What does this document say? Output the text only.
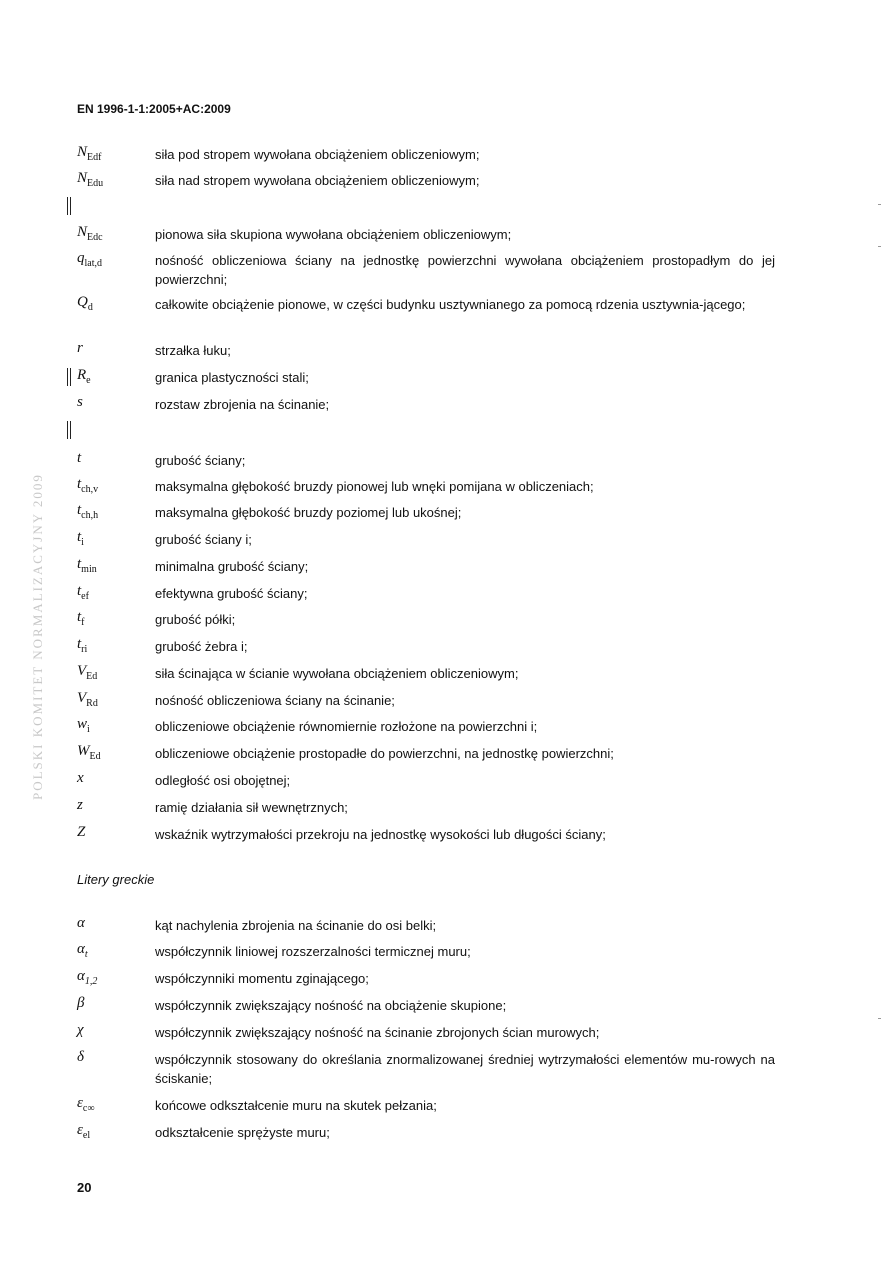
EN 1996-1-1:2005+AC:2009
POLSKI KOMITET NORMALIZACYJNY 2009
$N_{Edf}$	siła pod stropem wywołana obciążeniem obliczeniowym;
$N_{Edu}$	siła nad stropem wywołana obciążeniem obliczeniowym;
$N_{Edc}$	pionowa siła skupiona wywołana obciążeniem obliczeniowym;
$q_{lat,d}$	nośność obliczeniowa ściany na jednostkę powierzchni wywołana obciążeniem prostopadłym do jej powierzchni;
$Q_d$	całkowite obciążenie pionowe, w części budynku usztywnianego za pomocą rdzenia usztywnia-jącego;
r	strzałka łuku;
$R_e$	granica plastyczności stali;
s	rozstaw zbrojenia na ścinanie;
t	grubość ściany;
$t_{ch,v}$	maksymalna głębokość bruzdy pionowej lub wnęki pomijana w obliczeniach;
$t_{ch,h}$	maksymalna głębokość bruzdy poziomej lub ukośnej;
$t_i$	grubość ściany i;
$t_{min}$	minimalna grubość ściany;
$t_{ef}$	efektywna grubość ściany;
$t_f$	grubość półki;
$t_{ri}$	grubość żebra i;
$V_{Ed}$	siła ścinająca w ścianie wywołana obciążeniem obliczeniowym;
$V_{Rd}$	nośność obliczeniowa ściany na ścinanie;
$w_i$	obliczeniowe obciążenie równomiernie rozłożone na powierzchni i;
$W_{Ed}$	obliczeniowe obciążenie prostopadłe do powierzchni, na jednostkę powierzchni;
x	odległość osi obojętnej;
z	ramię działania sił wewnętrznych;
Z	wskaźnik wytrzymałości przekroju na jednostkę wysokości lub długości ściany;
Litery greckie
α	kąt nachylenia zbrojenia na ścinanie do osi belki;
$\alpha_t$	współczynnik liniowej rozszerzalności termicznej muru;
$\alpha_{1,2}$	współczynniki momentu zginającego;
β	współczynnik zwiększający nośność na obciążenie skupione;
χ	współczynnik zwiększający nośność na ścinanie zbrojonych ścian murowych;
δ	współczynnik stosowany do określania znormalizowanej średniej wytrzymałości elementów mu-rowych na ściskanie;
$\varepsilon_{c\infty}$	końcowe odkształcenie muru na skutek pełzania;
$\varepsilon_{el}$	odkształcenie sprężyste muru;
20
